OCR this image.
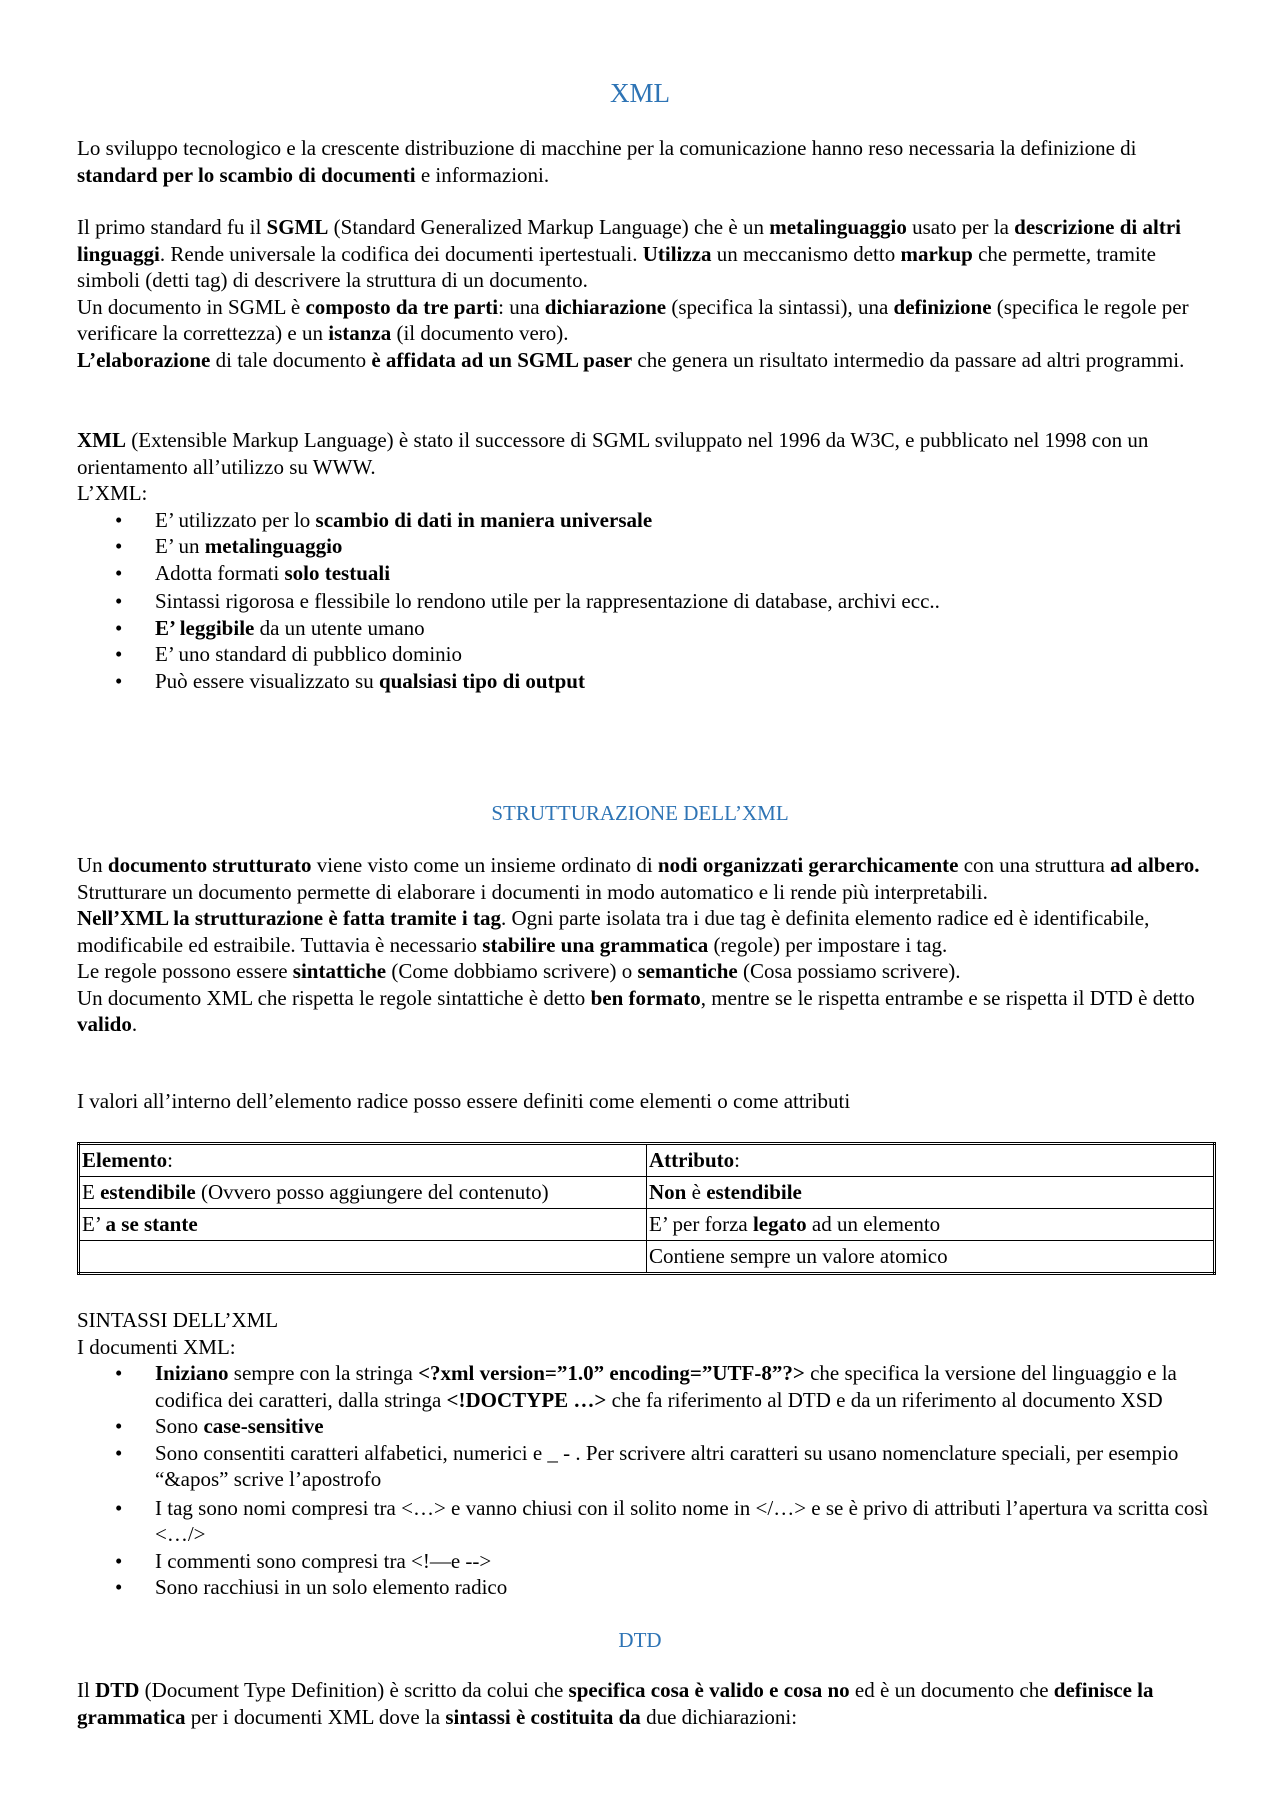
XML

Lo sviluppo tecnologico e la crescente distribuzione di macchine per la comunicazione hanno reso necessaria la definizione di standard per lo scambio di documenti e informazioni.

Il primo standard fu il SGML (Standard Generalized Markup Language) che è un metalinguaggio usato per la descrizione di altri linguaggi. Rende universale la codifica dei documenti ipertestuali. Utilizza un meccanismo detto markup che permette, tramite simboli (detti tag) di descrivere la struttura di un documento.

Un documento in SGML è composto da tre parti: una dichiarazione (specifica la sintassi), una definizione (specifica le regole per verificare la correttezza) e un istanza (il documento vero).

L’elaborazione di tale documento è affidata ad un SGML paser che genera un risultato intermedio da passare ad altri programmi.

XML (Extensible Markup Language) è stato il successore di SGML sviluppato nel 1996 da W3C, e pubblicato nel 1998 con un orientamento all’utilizzo su WWW.

L’XML:

• E’ utilizzato per lo scambio di dati in maniera universale
• E’ un metalinguaggio
• Adotta formati solo testuali
• Sintassi rigorosa e flessibile lo rendono utile per la rappresentazione di database, archivi ecc..
• E’ leggibile da un utente umano
• E’ uno standard di pubblico dominio
• Può essere visualizzato su qualsiasi tipo di output
STRUTTURAZIONE DELL’XML

Un documento strutturato viene visto come un insieme ordinato di nodi organizzati gerarchicamente con una struttura ad albero.

Strutturare un documento permette di elaborare i documenti in modo automatico e li rende più interpretabili.

Nell’XML la strutturazione è fatta tramite i tag. Ogni parte isolata tra i due tag è definita elemento radice ed è identificabile, modificabile ed estraibile. Tuttavia è necessario stabilire una grammatica (regole) per impostare i tag.

Le regole possono essere sintattiche (Come dobbiamo scrivere) o semantiche (Cosa possiamo scrivere).

Un documento XML che rispetta le regole sintattiche è detto ben formato, mentre se le rispetta entrambe e se rispetta il DTD è detto valido.

I valori all’interno dell’elemento radice posso essere definiti come elementi o come attributi

Elemento:	Attributo:
E estendibile (Ovvero posso aggiungere del contenuto)	Non è estendibile
E’ a se stante	E’ per forza legato ad un elemento
	Contiene sempre un valore atomico

SINTASSI DELL’XML

I documenti XML:

• Iniziano sempre con la stringa <?xml version=”1.0” encoding=”UTF-8”?> che specifica la versione del linguaggio e la codifica dei caratteri, dalla stringa <!DOCTYPE …> che fa riferimento al DTD e da un riferimento al documento XSD
• Sono case-sensitive
• Sono consentiti caratteri alfabetici, numerici e _ - . Per scrivere altri caratteri su usano nomenclature speciali, per esempio “&apos” scrive l’apostrofo
• I tag sono nomi compresi tra <…> e vanno chiusi con il solito nome in </…> e se è privo di attributi l’apertura va scritta così <…/>
• I commenti sono compresi tra <!—e -->
• Sono racchiusi in un solo elemento radico
DTD

Il DTD (Document Type Definition) è scritto da colui che specifica cosa è valido e cosa no ed è un documento che definisce la grammatica per i documenti XML dove la sintassi è costituita da due dichiarazioni:
